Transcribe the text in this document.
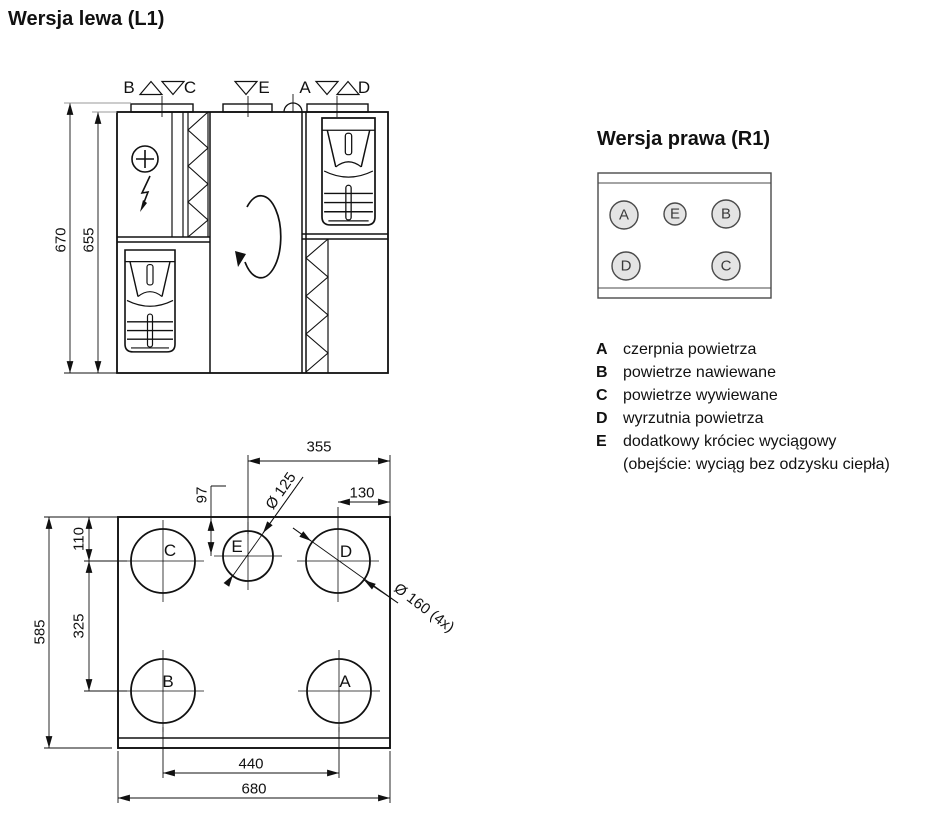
Wersja lewa (L1)
Wersja prawa (R1)
B	C	E A	D
670 655
A	E	B
D	C
A czerpnia powietrza
B powietrze nawiewane
C powietrze wywiewane
D wyrzutnia powietrza
E	dodatkowy króciec wyciągowy
(obejście: wyciąg bez odzysku ciepła)
C	E	D
B	A
355
97	130
Ø 125
110
325
585	Ø 160 (4x)
440
680
